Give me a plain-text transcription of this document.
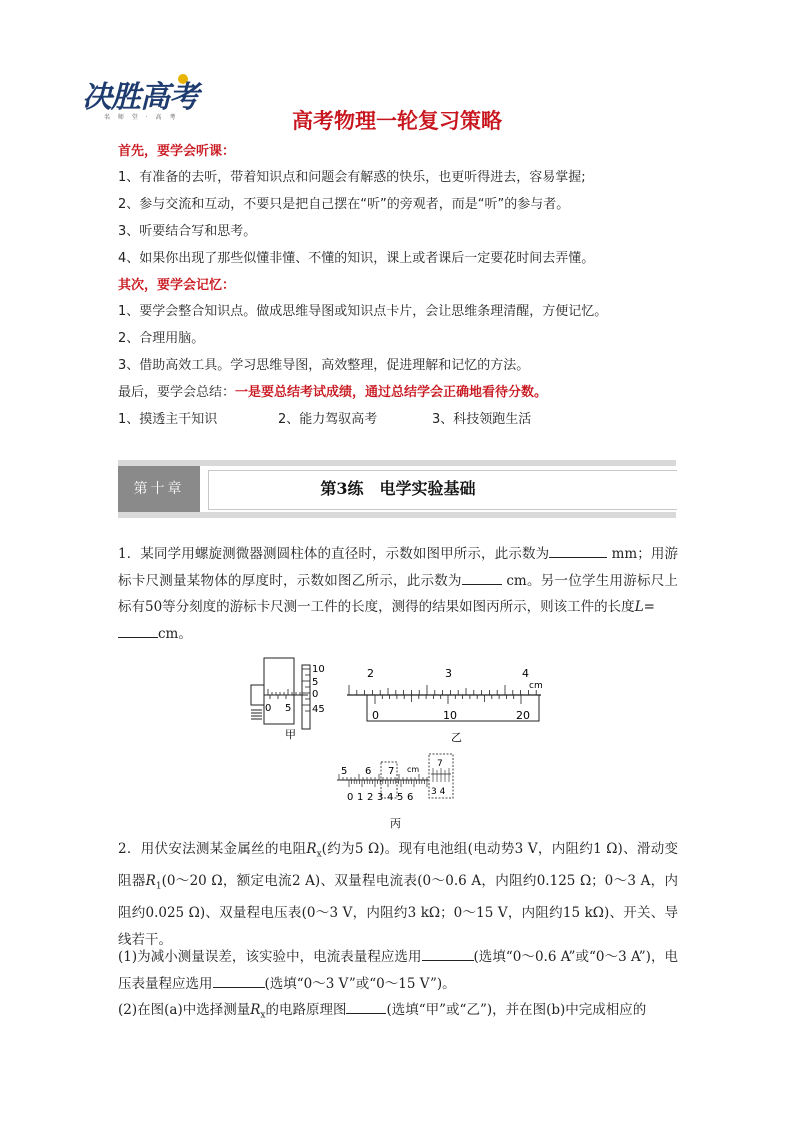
决胜高考
名 师 堂 · 高 考	高考物理一轮复习策略
首先，要学会听课：
1、有准备的去听，带着知识点和问题会有解惑的快乐，也更听得进去，容易掌握;
2、参与交流和互动，不要只是把自己摆在“听”的旁观者，而是“听”的参与者。
3、听要结合写和思考。
4、如果你出现了那些似懂非懂、不懂的知识，课上或者课后一定要花时间去弄懂。
其次，要学会记忆：
1、要学会整合知识点。做成思维导图或知识点卡片，会让思维条理清醒，方便记忆。
2、合理用脑。
3、借助高效工具。学习思维导图，高效整理，促进理解和记忆的方法。
最后，要学会总结：一是要总结考试成绩，通过总结学会正确地看待分数。
1、摸透主干知识	2、能力驾驭高考	3、科技领跑生活
第十章	第3练　电学实验基础
1．某同学用螺旋测微器测圆柱体的直径时，示数如图甲所示，此示数为	mm；用游标卡尺测量某物体的厚度时，示数如图乙所示，此示数为	cm。另一位学生用游标尺上标有50等分刻度的游标卡尺测一工件的长度，测得的结果如图丙所示，则该工件的长度L=
cm。
10
5
0
45
0 5
甲
2	3	4
cm
0	10	20
乙
5 6 7 cm
0 1 2 3 4 5 6
7
3 4
丙
2．用伏安法测某金属丝的电阻$R_x$(约为5 Ω)。现有电池组(电动势3 V，内阻约1 Ω)、滑动变阻器$R_1(0\sim 20$ Ω，额定电流2 A)、双量程电流表(0～0.6 A，内阻约0.125 Ω；0～3 A，内阻约0.025 Ω)、双量程电压表(0～3 V，内阻约3 kΩ；0～15 V，内阻约15 kΩ)、开关、导线若干。
(1)为减小测量误差，该实验中，电流表量程应选用	(选填“0～0.6 A”或“0～3 A”)，电压表量程应选用	(选填“0～3 V”或“0～15 V”)。
(2)在图(a)中选择测量$R_x$的电路原理图	(选填“甲”或“乙”)，并在图(b)中完成相应的
